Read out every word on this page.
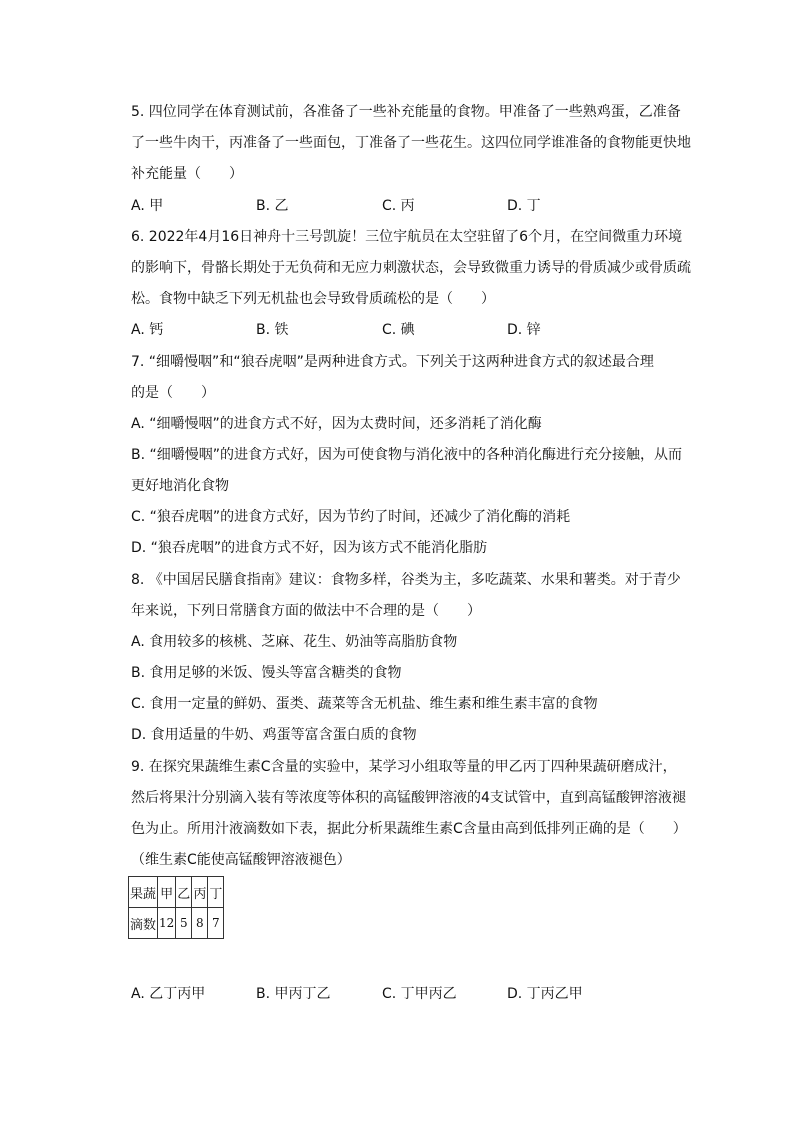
5. 四位同学在体育测试前，各准备了一些补充能量的食物。甲准备了一些熟鸡蛋，乙准备
了一些牛肉干，丙准备了一些面包，丁准备了一些花生。这四位同学谁准备的食物能更快地
补充能量（　　）
A. 甲	B. 乙	C. 丙	D. 丁
6. 2022年4月16日神舟十三号凯旋！三位宇航员在太空驻留了6个月，在空间微重力环境
的影响下，骨骼长期处于无负荷和无应力刺激状态，会导致微重力诱导的骨质减少或骨质疏
松。食物中缺乏下列无机盐也会导致骨质疏松的是（　　）
A. 钙	B. 铁	C. 碘	D. 锌
7. “细嚼慢咽”和“狼吞虎咽”是两种进食方式。下列关于这两种进食方式的叙述最合理
的是（　　）
A. “细嚼慢咽”的进食方式不好，因为太费时间，还多消耗了消化酶
B. “细嚼慢咽”的进食方式好，因为可使食物与消化液中的各种消化酶进行充分接触，从而
更好地消化食物
C. “狼吞虎咽”的进食方式好，因为节约了时间，还减少了消化酶的消耗
D. “狼吞虎咽”的进食方式不好，因为该方式不能消化脂肪
8. 《中国居民膳食指南》建议：食物多样，谷类为主，多吃蔬菜、水果和薯类。对于青少
年来说，下列日常膳食方面的做法中不合理的是（　　）
A. 食用较多的核桃、芝麻、花生、奶油等高脂肪食物
B. 食用足够的米饭、馒头等富含糖类的食物
C. 食用一定量的鲜奶、蛋类、蔬菜等含无机盐、维生素和维生素丰富的食物
D. 食用适量的牛奶、鸡蛋等富含蛋白质的食物
9. 在探究果蔬维生素C含量的实验中，某学习小组取等量的甲乙丙丁四种果蔬研磨成汁，
然后将果汁分别滴入装有等浓度等体积的高锰酸钾溶液的4支试管中，直到高锰酸钾溶液褪
色为止。所用汁液滴数如下表，据此分析果蔬维生素C含量由高到低排列正确的是（　　）
（维生素C能使高锰酸钾溶液褪色）
果蔬	甲	乙	丙	丁
滴数	12	5	8	7
A. 乙丁丙甲	B. 甲丙丁乙	C. 丁甲丙乙	D. 丁丙乙甲
